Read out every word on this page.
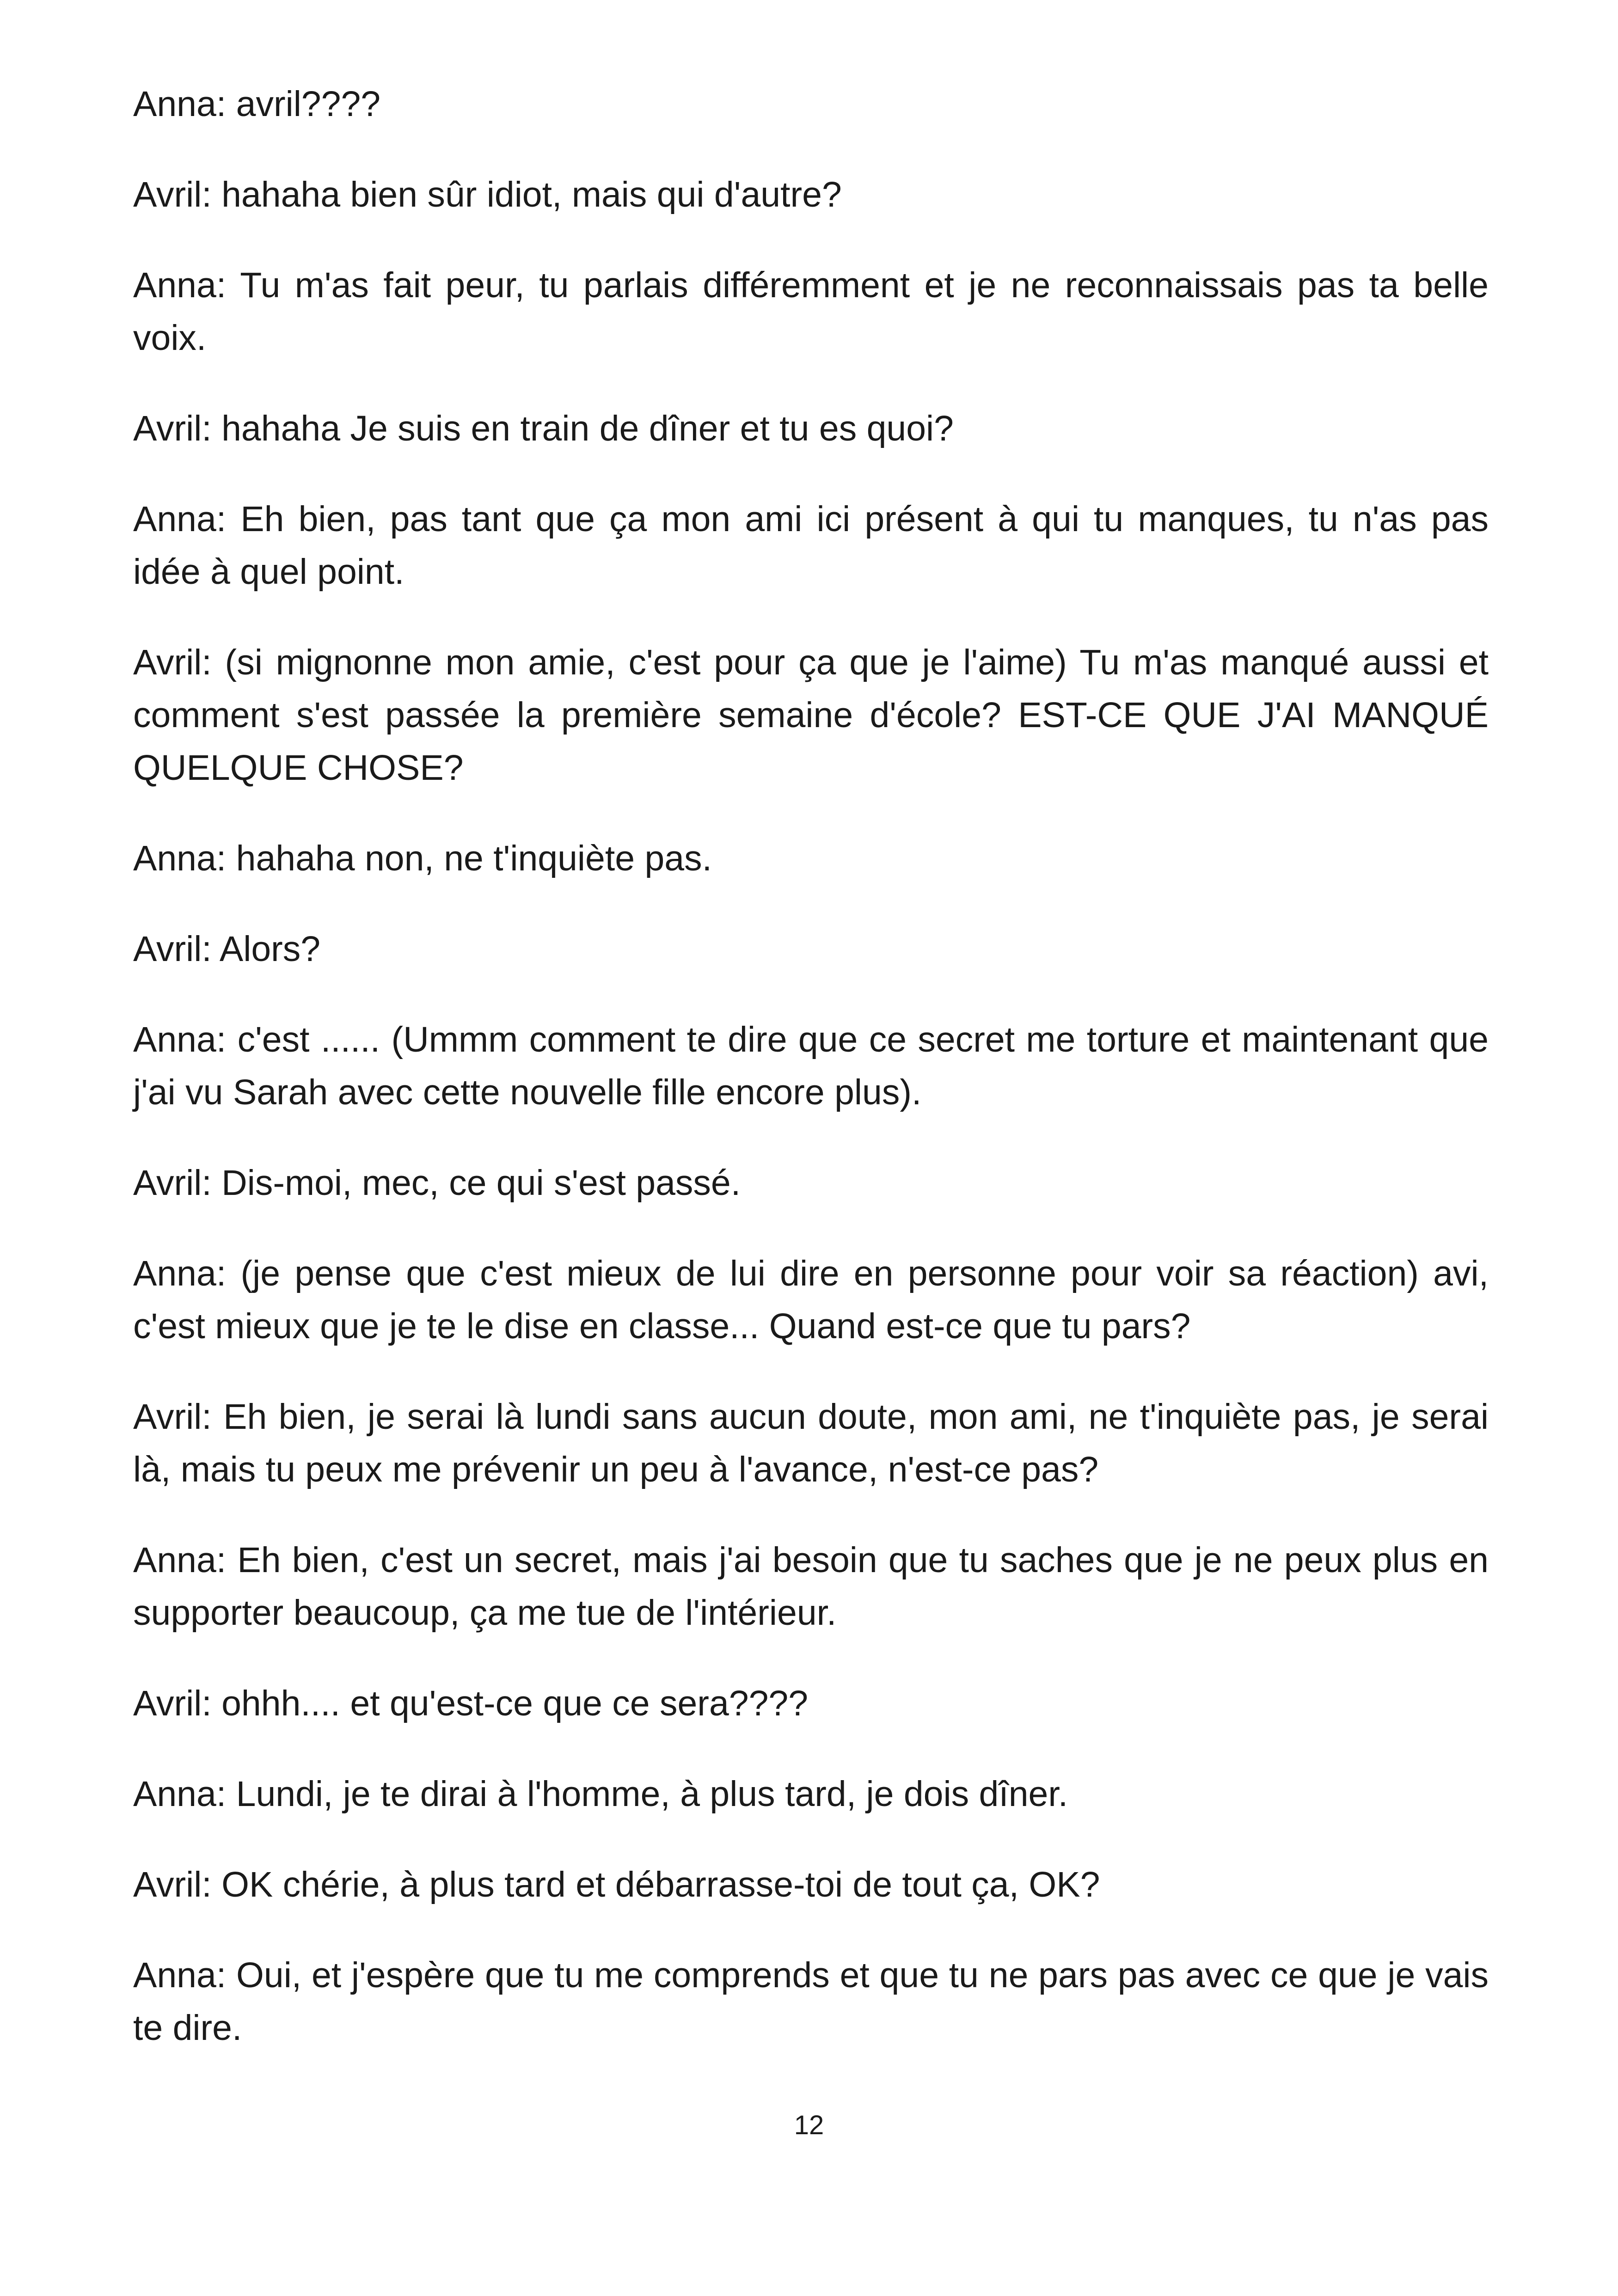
Anna: avril????

Avril: hahaha bien sûr idiot, mais qui d'autre?

Anna: Tu m'as fait peur, tu parlais différemment et je ne reconnaissais pas ta belle voix.

Avril: hahaha Je suis en train de dîner et tu es quoi?

Anna: Eh bien, pas tant que ça mon ami ici présent à qui tu manques, tu n'as pas idée à quel point.

Avril: (si mignonne mon amie, c'est pour ça que je l'aime) Tu m'as manqué aussi et comment s'est passée la première semaine d'école? EST-CE QUE J'AI MANQUÉ QUELQUE CHOSE?

Anna: hahaha non, ne t'inquiète pas.

Avril: Alors?

Anna: c'est ...... (Ummm comment te dire que ce secret me torture et maintenant que j'ai vu Sarah avec cette nouvelle fille encore plus).

Avril: Dis-moi, mec, ce qui s'est passé.

Anna: (je pense que c'est mieux de lui dire en personne pour voir sa réaction) avi, c'est mieux que je te le dise en classe... Quand est-ce que tu pars?

Avril: Eh bien, je serai là lundi sans aucun doute, mon ami, ne t'inquiète pas, je serai là, mais tu peux me prévenir un peu à l'avance, n'est-ce pas?

Anna: Eh bien, c'est un secret, mais j'ai besoin que tu saches que je ne peux plus en supporter beaucoup, ça me tue de l'intérieur.

Avril: ohhh.... et qu'est-ce que ce sera????

Anna: Lundi, je te dirai à l'homme, à plus tard, je dois dîner.

Avril: OK chérie, à plus tard et débarrasse-toi de tout ça, OK?

Anna: Oui, et j'espère que tu me comprends et que tu ne pars pas avec ce que je vais te dire.

12
